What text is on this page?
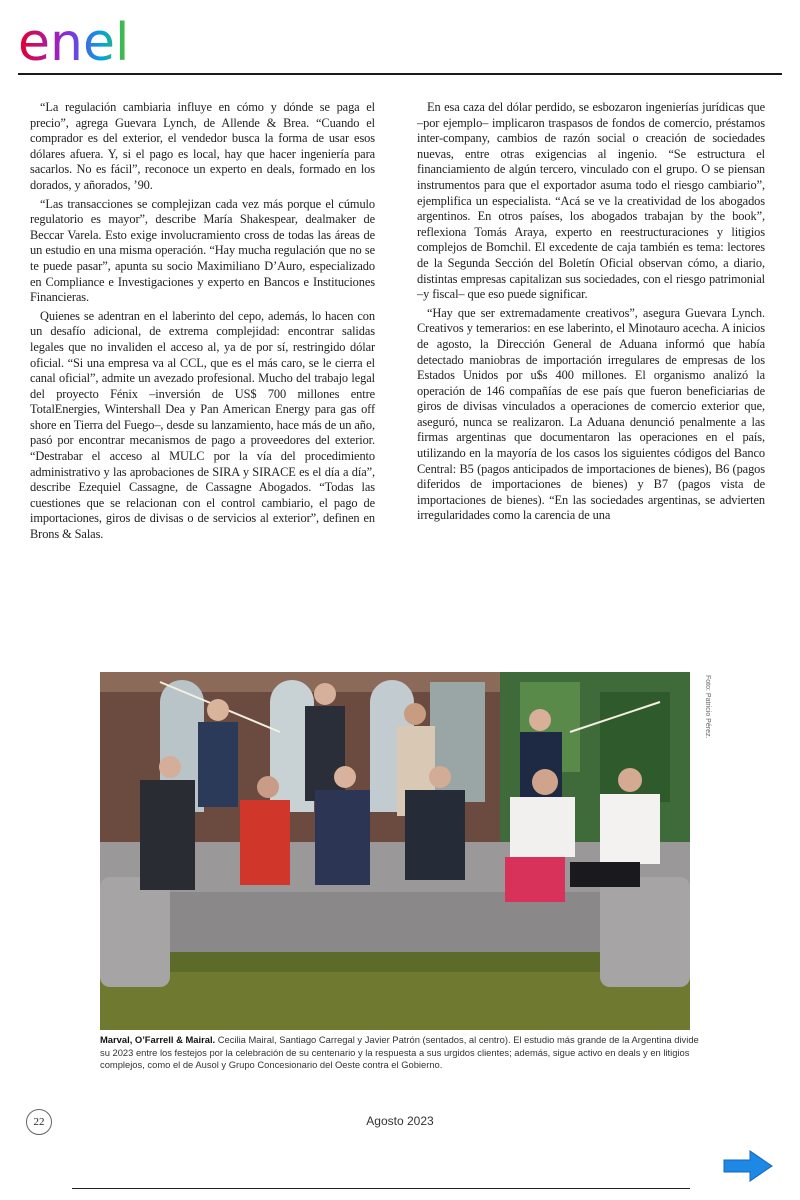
enel

“La regulación cambiaria influye en cómo y dónde se paga el precio”, agrega Guevara Lynch, de Allende & Brea. “Cuando el comprador es del exterior, el vendedor busca la forma de usar esos dólares afuera. Y, si el pago es local, hay que hacer ingeniería para sacarlos. No es fácil”, reconoce un experto en deals, formado en los dorados, y añorados, ’90.

“Las transacciones se complejizan cada vez más porque el cúmulo regulatorio es mayor”, describe María Shakespear, dealmaker de Beccar Varela. Esto exige involucramiento cross de todas las áreas de un estudio en una misma operación. “Hay mucha regulación que no se te puede pasar”, apunta su socio Maximiliano D’Auro, especializado en Compliance e Investigaciones y experto en Bancos e Instituciones Financieras.

Quienes se adentran en el laberinto del cepo, además, lo hacen con un desafío adicional, de extrema complejidad: encontrar salidas legales que no invaliden el acceso al, ya de por sí, restringido dólar oficial. “Si una empresa va al CCL, que es el más caro, se le cierra el canal oficial”, admite un avezado profesional. Mucho del trabajo legal del proyecto Fénix –inversión de US$ 700 millones entre TotalEnergies, Wintershall Dea y Pan American Energy para gas off shore en Tierra del Fuego–, desde su lanzamiento, hace más de un año, pasó por encontrar mecanismos de pago a proveedores del exterior. “Destrabar el acceso al MULC por la vía del procedimiento administrativo y las aprobaciones de SIRA y SIRACE es el día a día”, describe Ezequiel Cassagne, de Cassagne Abogados. “Todas las cuestiones que se relacionan con el control cambiario, el pago de importaciones, giros de divisas o de servicios al exterior”, definen en Brons & Salas.

En esa caza del dólar perdido, se esbozaron ingenierías jurídicas que –por ejemplo– implicaron traspasos de fondos de comercio, préstamos inter-company, cambios de razón social o creación de sociedades nuevas, entre otras exigencias al ingenio. “Se estructura el financiamiento de algún tercero, vinculado con el grupo. O se piensan instrumentos para que el exportador asuma todo el riesgo cambiario”, ejemplifica un especialista. “Acá se ve la creatividad de los abogados argentinos. En otros países, los abogados trabajan by the book”, reflexiona Tomás Araya, experto en reestructuraciones y litigios complejos de Bomchil. El excedente de caja también es tema: lectores de la Segunda Sección del Boletín Oficial observan cómo, a diario, distintas empresas capitalizan sus sociedades, con el riesgo patrimonial –y fiscal– que eso puede significar.

“Hay que ser extremadamente creativos”, asegura Guevara Lynch. Creativos y temerarios: en ese laberinto, el Minotauro acecha. A inicios de agosto, la Dirección General de Aduana informó que había detectado maniobras de importación irregulares de empresas de los Estados Unidos por u$s 400 millones. El organismo analizó la operación de 146 compañías de ese país que fueron beneficiarias de giros de divisas vinculados a operaciones de comercio exterior que, aseguró, nunca se realizaron. La Aduana denunció penalmente a las firmas argentinas que documentaron las operaciones en el país, utilizando en la mayoría de los casos los siguientes códigos del Banco Central: B5 (pagos anticipados de importaciones de bienes), B6 (pagos diferidos de importaciones de bienes) y B7 (pagos vista de importaciones de bienes). “En las sociedades argentinas, se advierten irregularidades como la carencia de una

Foto: Patricio Pérez.
Marval, O’Farrell & Mairal. Cecilia Mairal, Santiago Carregal y Javier Patrón (sentados, al centro). El estudio más grande de la Argentina divide su 2023 entre los festejos por la celebración de su centenario y la respuesta a sus urgidos clientes; además, sigue activo en deals y en litigios complejos, como el de Ausol y Grupo Concesionario del Oeste contra el Gobierno.
22	Agosto 2023
